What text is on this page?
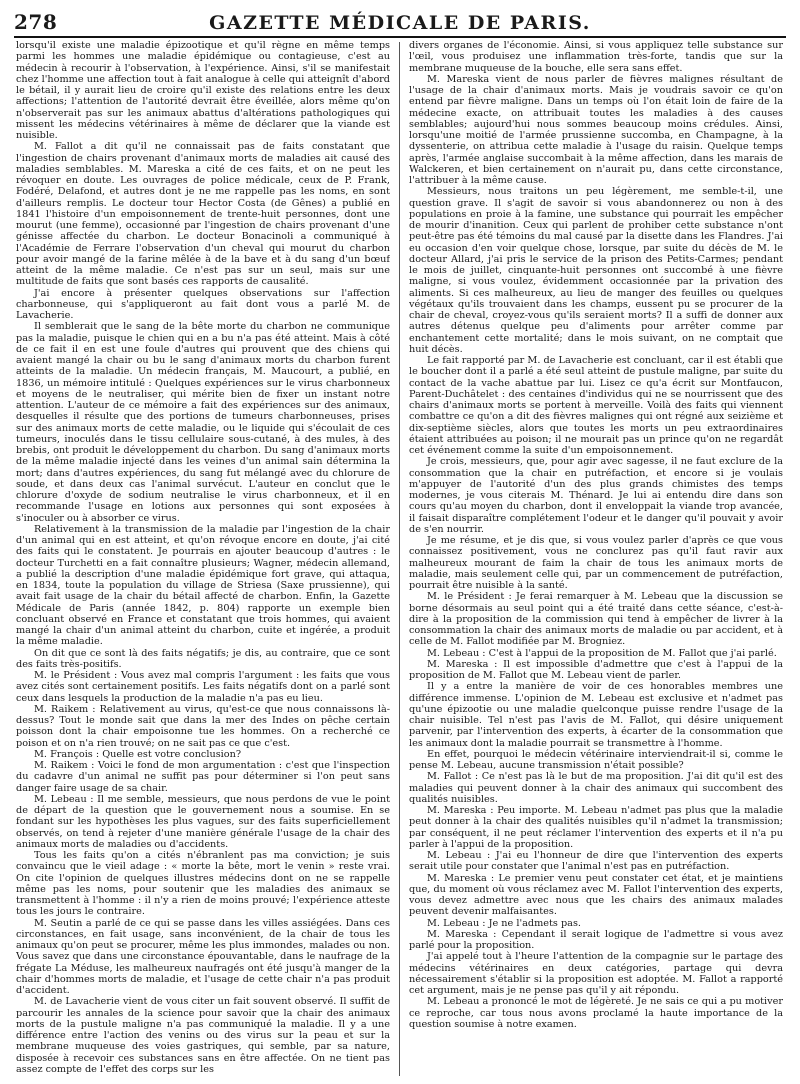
278	GAZETTE MÉDICALE DE PARIS.

lorsqu'il existe une maladie épizootique et qu'il règne en même temps parmi les hommes une maladie épidémique ou contagieuse, c'est au médecin à recourir à l'observation, à l'expérience. Ainsi, s'il se manifestait chez l'homme une affection tout à fait analogue à celle qui atteignît d'abord le bétail, il y aurait lieu de croire qu'il existe des relations entre les deux affections; l'attention de l'autorité devrait être éveillée, alors même qu'on n'observerait pas sur les animaux abattus d'altérations pathologiques qui missent les médecins vétérinaires à même de déclarer que la viande est nuisible.

M. Fallot a dit qu'il ne connaissait pas de faits constatant que l'ingestion de chairs provenant d'animaux morts de maladies ait causé des maladies semblables. M. Mareska a cité de ces faits, et on ne peut les révoquer en doute. Les ouvrages de police médicale, ceux de P. Frank, Fodéré, Delafond, et autres dont je ne me rappelle pas les noms, en sont d'ailleurs remplis. Le docteur tour Hector Costa (de Gênes) a publié en 1841 l'histoire d'un empoisonnement de trente-huit personnes, dont une mourut (une femme), occasionné par l'ingestion de chairs provenant d'une génisse affectée du charbon. Le docteur Bonacinoli a communiqué à l'Académie de Ferrare l'observation d'un cheval qui mourut du charbon pour avoir mangé de la farine mêlée à de la bave et à du sang d'un bœuf atteint de la même maladie. Ce n'est pas sur un seul, mais sur une multitude de faits que sont basés ces rapports de causalité.

J'ai encore à présenter quelques observations sur l'affection charbonneuse, qui s'appliqueront au fait dont vous a parlé M. de Lavacherie.

Il semblerait que le sang de la bête morte du charbon ne communique pas la maladie, puisque le chien qui en a bu n'a pas été atteint. Mais à côté de ce fait il en est une foule d'autres qui prouvent que des chiens qui avaient mangé la chair ou bu le sang d'animaux morts du charbon furent atteints de la maladie. Un médecin français, M. Maucourt, a publié, en 1836, un mémoire intitulé : Quelques expériences sur le virus charbonneux et moyens de le neutraliser, qui mérite bien de fixer un instant notre attention. L'auteur de ce mémoire a fait des expériences sur des animaux, desquelles il résulte que des portions de tumeurs charbonneuses, prises sur des animaux morts de cette maladie, ou le liquide qui s'écoulait de ces tumeurs, inoculés dans le tissu cellulaire sous-cutané, à des mules, à des brebis, ont produit le développement du charbon. Du sang d'animaux morts de la même maladie injecté dans les veines d'un animal sain détermina la mort; dans d'autres expériences, du sang fut mélangé avec du chlorure de soude, et dans deux cas l'animal survécut. L'auteur en conclut que le chlorure d'oxyde de sodium neutralise le virus charbonneux, et il en recommande l'usage en lotions aux personnes qui sont exposées à s'inoculer ou à absorber ce virus.

Relativement à la transmission de la maladie par l'ingestion de la chair d'un animal qui en est atteint, et qu'on révoque encore en doute, j'ai cité des faits qui le constatent. Je pourrais en ajouter beaucoup d'autres : le docteur Turchetti en a fait connaître plusieurs; Wagner, médecin allemand, a publié la description d'une maladie épidémique fort grave, qui attaqua, en 1834, toute la population du village de Striesa (Saxe prussienne), qui avait fait usage de la chair du bétail affecté de charbon. Enfin, la Gazette Médicale de Paris (année 1842, p. 804) rapporte un exemple bien concluant observé en France et constatant que trois hommes, qui avaient mangé la chair d'un animal atteint du charbon, cuite et ingérée, a produit la même maladie.

On dit que ce sont là des faits négatifs; je dis, au contraire, que ce sont des faits très-positifs.

M. le Président : Vous avez mal compris l'argument : les faits que vous avez cités sont certainement positifs. Les faits négatifs dont on a parlé sont ceux dans lesquels la production de la maladie n'a pas eu lieu.

M. Raikem : Relativement au virus, qu'est-ce que nous connaissons là-dessus? Tout le monde sait que dans la mer des Indes on pêche certain poisson dont la chair empoisonne tue les hommes. On a recherché ce poison et on n'a rien trouvé; on ne sait pas ce que c'est.

M. François : Quelle est votre conclusion?

M. Raikem : Voici le fond de mon argumentation : c'est que l'inspection du cadavre d'un animal ne suffit pas pour déterminer si l'on peut sans danger faire usage de sa chair.

M. Lebeau : Il me semble, messieurs, que nous perdons de vue le point de départ de la question que le gouvernement nous a soumise. En se fondant sur les hypothèses les plus vagues, sur des faits superficiellement observés, on tend à rejeter d'une manière générale l'usage de la chair des animaux morts de maladies ou d'accidents.

Tous les faits qu'on a cités n'ébranlent pas ma conviction; je suis convaincu que le vieil adage : « morte la bête, mort le venin » reste vrai. On cite l'opinion de quelques illustres médecins dont on ne se rappelle même pas les noms, pour soutenir que les maladies des animaux se transmettent à l'homme : il n'y a rien de moins prouvé; l'expérience atteste tous les jours le contraire.

M. Seutin a parlé de ce qui se passe dans les villes assiégées. Dans ces circonstances, en fait usage, sans inconvénient, de la chair de tous les animaux qu'on peut se procurer, même les plus immondes, malades ou non. Vous savez que dans une circonstance épouvantable, dans le naufrage de la frégate La Méduse, les malheureux naufragés ont été jusqu'à manger de la chair d'hommes morts de maladie, et l'usage de cette chair n'a pas produit d'accident.

M. de Lavacherie vient de vous citer un fait souvent observé. Il suffit de parcourir les annales de la science pour savoir que la chair des animaux morts de la pustule maligne n'a pas communiqué la maladie. Il y a une différence entre l'action des venins ou des virus sur la peau et sur la membrane muqueuse des voies gastriques, qui semble, par sa nature, disposée à recevoir ces substances sans en être affectée. On ne tient pas assez compte de l'effet des corps sur les

divers organes de l'économie. Ainsi, si vous appliquez telle substance sur l'œil, vous produisez une inflammation très-forte, tandis que sur la membrane muqueuse de la bouche, elle sera sans effet.

M. Mareska vient de nous parler de fièvres malignes résultant de l'usage de la chair d'animaux morts. Mais je voudrais savoir ce qu'on entend par fièvre maligne. Dans un temps où l'on était loin de faire de la médecine exacte, on attribuait toutes les maladies à des causes semblables; aujourd'hui nous sommes beaucoup moins crédules. Ainsi, lorsqu'une moitié de l'armée prussienne succomba, en Champagne, à la dyssenterie, on attribua cette maladie à l'usage du raisin. Quelque temps après, l'armée anglaise succombait à la même affection, dans les marais de Walckeren, et bien certainement on n'aurait pu, dans cette circonstance, l'attribuer à la même cause.

Messieurs, nous traitons un peu légèrement, me semble-t-il, une question grave. Il s'agit de savoir si vous abandonnerez ou non à des populations en proie à la famine, une substance qui pourrait les empêcher de mourir d'inanition. Ceux qui parlent de prohiber cette substance n'ont peut-être pas été témoins du mal causé par la disette dans les Flandres. J'ai eu occasion d'en voir quelque chose, lorsque, par suite du décès de M. le docteur Allard, j'ai pris le service de la prison des Petits-Carmes; pendant le mois de juillet, cinquante-huit personnes ont succombé à une fièvre maligne, si vous voulez, évidemment occasionnée par la privation des aliments. Si ces malheureux, au lieu de manger des feuilles ou quelques végétaux qu'ils trouvaient dans les champs, eussent pu se procurer de la chair de cheval, croyez-vous qu'ils seraient morts? Il a suffi de donner aux autres détenus quelque peu d'aliments pour arrêter comme par enchantement cette mortalité; dans le mois suivant, on ne comptait que huit décès.

Le fait rapporté par M. de Lavacherie est concluant, car il est établi que le boucher dont il a parlé a été seul atteint de pustule maligne, par suite du contact de la vache abattue par lui. Lisez ce qu'a écrit sur Montfaucon, Parent-Duchâtelet : des centaines d'individus qui ne se nourrissent que des chairs d'animaux morts se portent à merveille. Voilà des faits qui viennent combattre ce qu'on a dit des fièvres malignes qui ont régné aux seizième et dix-septième siècles, alors que toutes les morts un peu extraordinaires étaient attribuées au poison; il ne mourait pas un prince qu'on ne regardât cet événement comme la suite d'un empoisonnement.

Je crois, messieurs, que, pour agir avec sagesse, il ne faut exclure de la consommation que la chair en putréfaction, et encore si je voulais m'appuyer de l'autorité d'un des plus grands chimistes des temps modernes, je vous citerais M. Thénard. Je lui ai entendu dire dans son cours qu'au moyen du charbon, dont il enveloppait la viande trop avancée, il faisait disparaître complétement l'odeur et le danger qu'il pouvait y avoir de s'en nourrir.

Je me résume, et je dis que, si vous voulez parler d'après ce que vous connaissez positivement, vous ne conclurez pas qu'il faut ravir aux malheureux mourant de faim la chair de tous les animaux morts de maladie, mais seulement celle qui, par un commencement de putréfaction, pourrait être nuisible à la santé.

M. le Président : Je ferai remarquer à M. Lebeau que la discussion se borne désormais au seul point qui a été traité dans cette séance, c'est-à-dire à la proposition de la commission qui tend à empêcher de livrer à la consommation la chair des animaux morts de maladie ou par accident, et à celle de M. Fallot modifiée par M. Brogniez.

M. Lebeau : C'est à l'appui de la proposition de M. Fallot que j'ai parlé.

M. Mareska : Il est impossible d'admettre que c'est à l'appui de la proposition de M. Fallot que M. Lebeau vient de parler.

Il y a entre la manière de voir de ces honorables membres une différence immense. L'opinion de M. Lebeau est exclusive et n'admet pas qu'une épizootie ou une maladie quelconque puisse rendre l'usage de la chair nuisible. Tel n'est pas l'avis de M. Fallot, qui désire uniquement parvenir, par l'intervention des experts, à écarter de la consommation que les animaux dont la maladie pourrait se transmettre à l'homme.

En effet, pourquoi le médecin vétérinaire interviendrait-il si, comme le pense M. Lebeau, aucune transmission n'était possible?

M. Fallot : Ce n'est pas là le but de ma proposition. J'ai dit qu'il est des maladies qui peuvent donner à la chair des animaux qui succombent des qualités nuisibles.

M. Mareska : Peu importe. M. Lebeau n'admet pas plus que la maladie peut donner à la chair des qualités nuisibles qu'il n'admet la transmission; par conséquent, il ne peut réclamer l'intervention des experts et il n'a pu parler à l'appui de la proposition.

M. Lebeau : J'ai eu l'honneur de dire que l'intervention des experts serait utile pour constater que l'animal n'est pas en putréfaction.

M. Mareska : Le premier venu peut constater cet état, et je maintiens que, du moment où vous réclamez avec M. Fallot l'intervention des experts, vous devez admettre avec nous que les chairs des animaux malades peuvent devenir malfaisantes.

M. Lebeau : Je ne l'admets pas.

M. Mareska : Cependant il serait logique de l'admettre si vous avez parlé pour la proposition.

J'ai appelé tout à l'heure l'attention de la compagnie sur le partage des médecins vétérinaires en deux catégories, partage qui devra nécessairement s'établir si la proposition est adoptée. M. Fallot a rapporté cet argument, mais je ne pense pas qu'il y ait répondu.

M. Lebeau a prononcé le mot de légèreté. Je ne sais ce qui a pu motiver ce reproche, car tous nous avons proclamé la haute importance de la question soumise à notre examen.
